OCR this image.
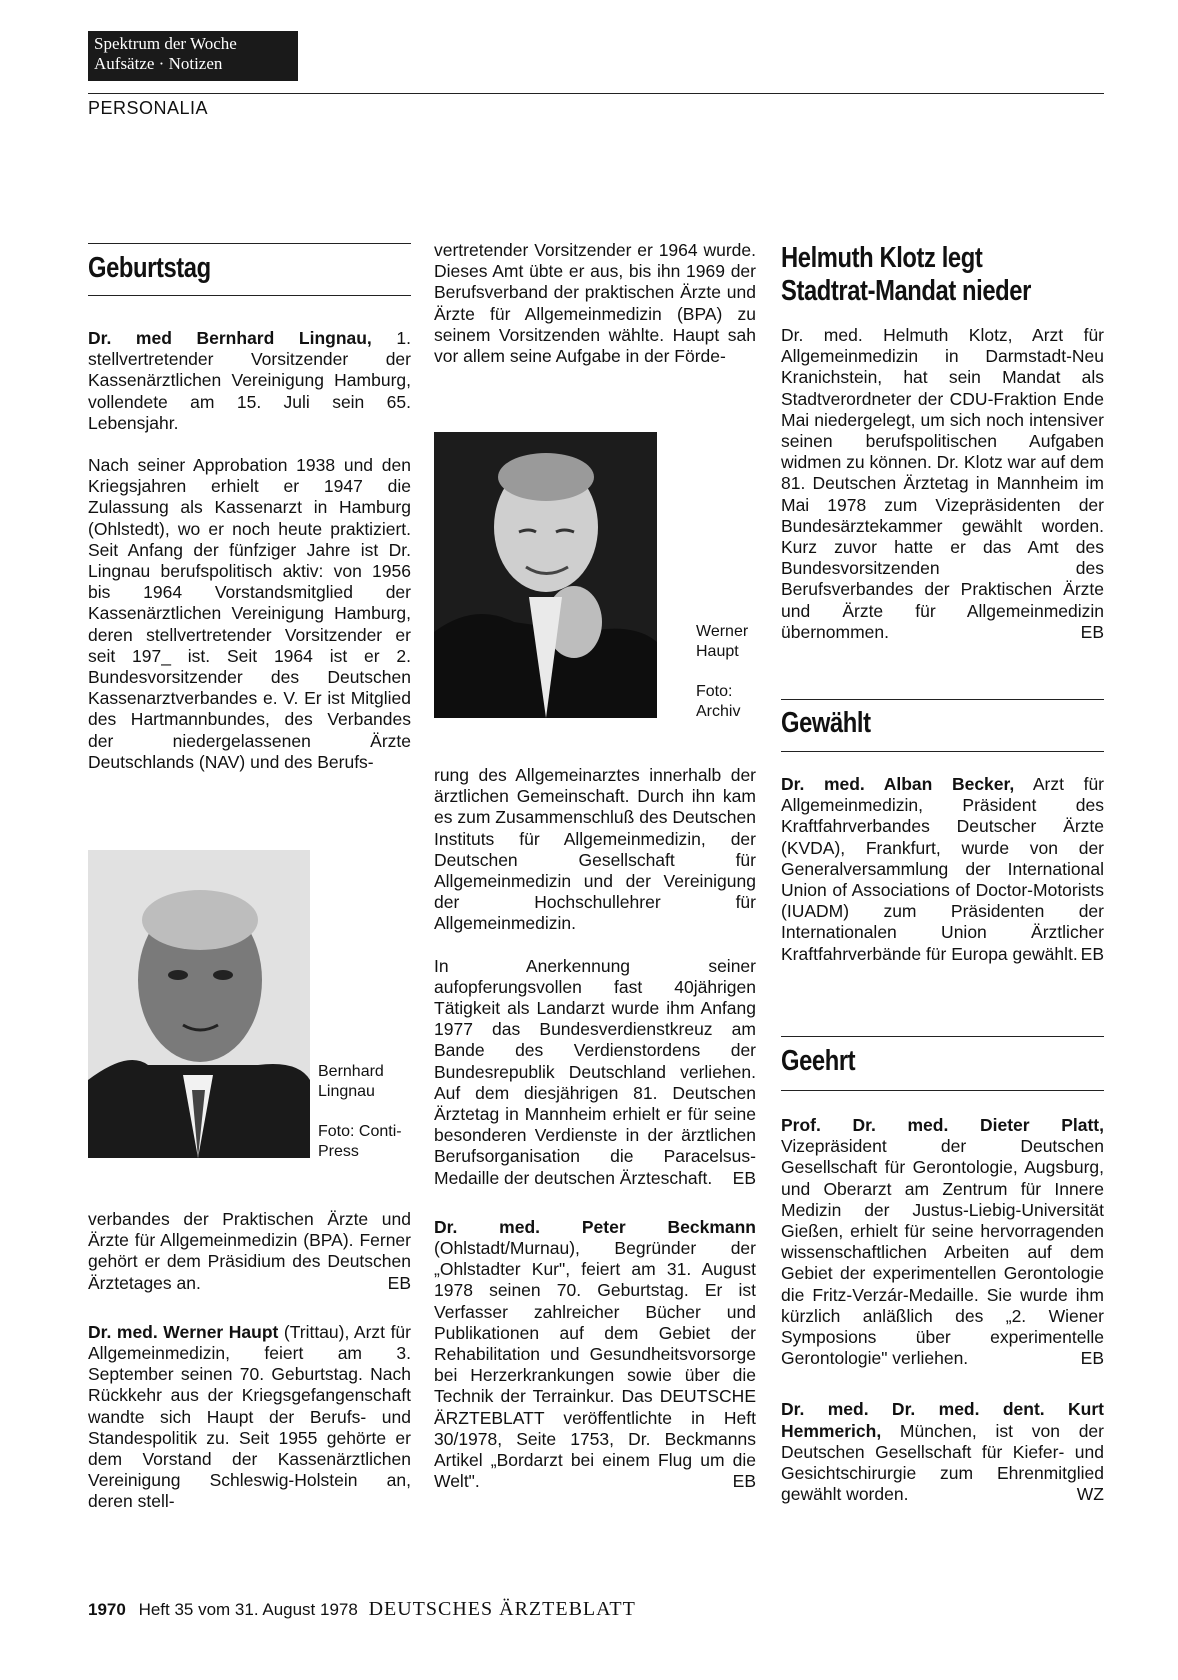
Spektrum der Woche
Aufsätze · Notizen
PERSONALIA
Geburtstag

Dr. med Bernhard Lingnau, 1. stellvertretender Vorsitzender der Kassenärztlichen Vereinigung Hamburg, vollendete am 15. Juli sein 65. Lebensjahr.

Nach seiner Approbation 1938 und den Kriegsjahren erhielt er 1947 die Zulassung als Kassenarzt in Hamburg (Ohlstedt), wo er noch heute praktiziert. Seit Anfang der fünfziger Jahre ist Dr. Lingnau berufspolitisch aktiv: von 1956 bis 1964 Vorstandsmitglied der Kassenärztlichen Vereinigung Hamburg, deren stellvertretender Vorsitzender er seit 197_ ist. Seit 1964 ist er 2. Bundesvorsitzender des Deutschen Kassenarztverbandes e. V. Er ist Mitglied des Hartmannbundes, des Verbandes der niedergelassenen Ärzte Deutschlands (NAV) und des Berufs-

Bernhard Lingnau
Foto: Conti-Press

verbandes der Praktischen Ärzte und Ärzte für Allgemeinmedizin (BPA). Ferner gehört er dem Präsidium des Deutschen Ärztetages an.	EB

Dr. med. Werner Haupt (Trittau), Arzt für Allgemeinmedizin, feiert am 3. September seinen 70. Geburtstag. Nach Rückkehr aus der Kriegsgefangenschaft wandte sich Haupt der Berufs- und Standespolitik zu. Seit 1955 gehörte er dem Vorstand der Kassenärztlichen Vereinigung Schleswig-Holstein an, deren stell-

vertretender Vorsitzender er 1964 wurde. Dieses Amt übte er aus, bis ihn 1969 der Berufsverband der praktischen Ärzte und Ärzte für Allgemeinmedizin (BPA) zu seinem Vorsitzenden wählte. Haupt sah vor allem seine Aufgabe in der Förde-

Werner Haupt
Foto: Archiv

rung des Allgemeinarztes innerhalb der ärztlichen Gemeinschaft. Durch ihn kam es zum Zusammenschluß des Deutschen Instituts für Allgemeinmedizin, der Deutschen Gesellschaft für Allgemeinmedizin und der Vereinigung der Hochschullehrer für Allgemeinmedizin.

In Anerkennung seiner aufopferungsvollen fast 40jährigen Tätigkeit als Landarzt wurde ihm Anfang 1977 das Bundesverdienstkreuz am Bande des Verdienstordens der Bundesrepublik Deutschland verliehen. Auf dem diesjährigen 81. Deutschen Ärztetag in Mannheim erhielt er für seine besonderen Verdienste in der ärztlichen Berufsorganisation die Paracelsus-Medaille der deutschen Ärzteschaft. EB

Dr. med. Peter Beckmann (Ohlstadt/Murnau), Begründer der „Ohlstadter Kur", feiert am 31. August 1978 seinen 70. Geburtstag. Er ist Verfasser zahlreicher Bücher und Publikationen auf dem Gebiet der Rehabilitation und Gesundheitsvorsorge bei Herzerkrankungen sowie über die Technik der Terrainkur. Das DEUTSCHE ÄRZTEBLATT veröffentlichte in Heft 30/1978, Seite 1753, Dr. Beckmanns Artikel „Bordarzt bei einem Flug um die Welt".	EB

Helmuth Klotz legt
Stadtrat-Mandat nieder

Dr. med. Helmuth Klotz, Arzt für Allgemeinmedizin in Darmstadt-Neu Kranichstein, hat sein Mandat als Stadtverordneter der CDU-Fraktion Ende Mai niedergelegt, um sich noch intensiver seinen berufspolitischen Aufgaben widmen zu können. Dr. Klotz war auf dem 81. Deutschen Ärztetag in Mannheim im Mai 1978 zum Vizepräsidenten der Bundesärztekammer gewählt worden. Kurz zuvor hatte er das Amt des Bundesvorsitzenden des Berufsverbandes der Praktischen Ärzte und Ärzte für Allgemeinmedizin übernommen.	EB

Gewählt

Dr. med. Alban Becker, Arzt für Allgemeinmedizin, Präsident des Kraftfahrverbandes Deutscher Ärzte (KVDA), Frankfurt, wurde von der Generalversammlung der International Union of Associations of Doctor-Motorists (IUADM) zum Präsidenten der Internationalen Union Ärztlicher Kraftfahrverbände für Europa gewählt. EB

Geehrt

Prof. Dr. med. Dieter Platt, Vizepräsident der Deutschen Gesellschaft für Gerontologie, Augsburg, und Oberarzt am Zentrum für Innere Medizin der Justus-Liebig-Universität Gießen, erhielt für seine hervorragenden wissenschaftlichen Arbeiten auf dem Gebiet der experimentellen Gerontologie die Fritz-Verzár-Medaille. Sie wurde ihm kürzlich anläßlich des „2. Wiener Symposions über experimentelle Gerontologie" verliehen.	EB

Dr. med. Dr. med. dent. Kurt Hemmerich, München, ist von der Deutschen Gesellschaft für Kiefer- und Gesichtschirurgie zum Ehrenmitglied gewählt worden.	WZ

1970 Heft 35 vom 31. August 1978 DEUTSCHES ÄRZTEBLATT
